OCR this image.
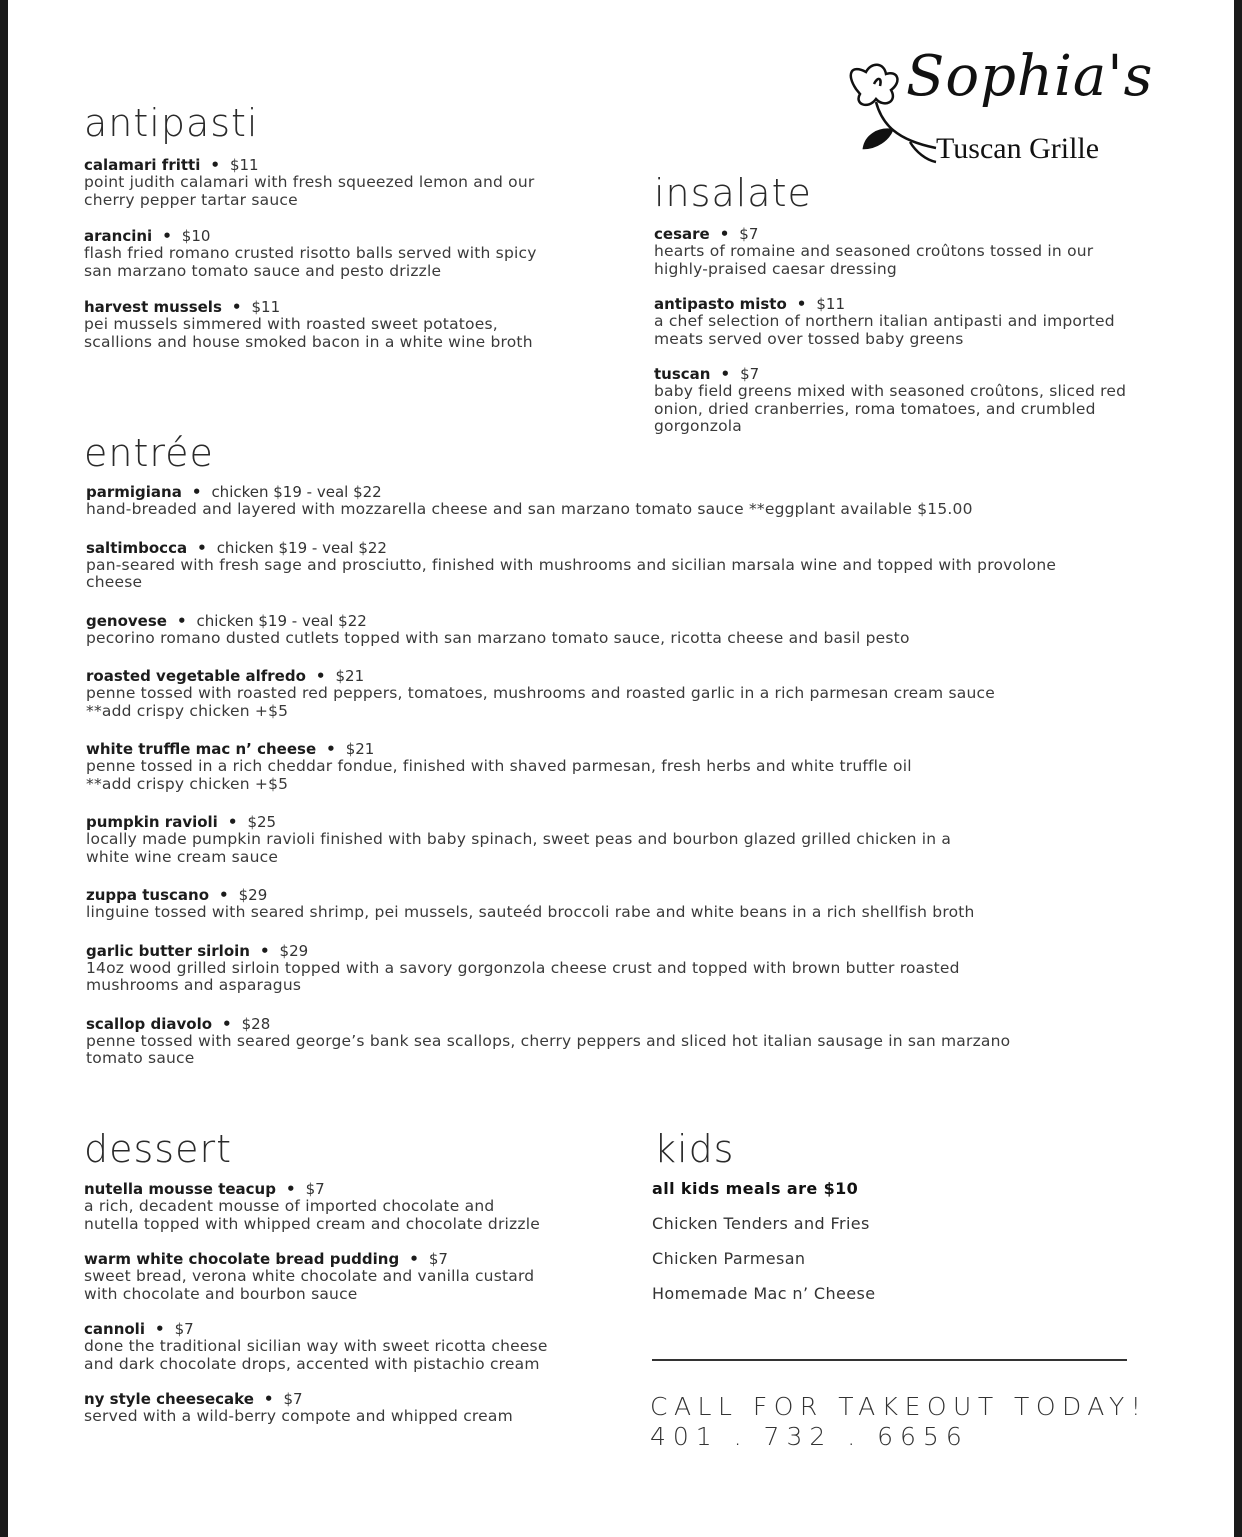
Sophia's
Tuscan Grille
antipasti
calamari fritti • $11
point judith calamari with fresh squeezed lemon and our
cherry pepper tartar sauce
arancini • $10
flash fried romano crusted risotto balls served with spicy
san marzano tomato sauce and pesto drizzle
harvest mussels • $11
pei mussels simmered with roasted sweet potatoes,
scallions and house smoked bacon in a white wine broth
insalate
cesare • $7
hearts of romaine and seasoned croûtons tossed in our
highly-praised caesar dressing
antipasto misto • $11
a chef selection of northern italian antipasti and imported
meats served over tossed baby greens
tuscan • $7
baby field greens mixed with seasoned croûtons, sliced red
onion, dried cranberries, roma tomatoes, and crumbled
gorgonzola
entrée
parmigiana • chicken $19 - veal $22
hand-breaded and layered with mozzarella cheese and san marzano tomato sauce **eggplant available $15.00
saltimbocca • chicken $19 - veal $22
pan-seared with fresh sage and prosciutto, finished with mushrooms and sicilian marsala wine and topped with provolone
cheese
genovese • chicken $19 - veal $22
pecorino romano dusted cutlets topped with san marzano tomato sauce, ricotta cheese and basil pesto
roasted vegetable alfredo • $21
penne tossed with roasted red peppers, tomatoes, mushrooms and roasted garlic in a rich parmesan cream sauce
**add crispy chicken +$5
white truffle mac n’ cheese • $21
penne tossed in a rich cheddar fondue, finished with shaved parmesan, fresh herbs and white truffle oil
**add crispy chicken +$5
pumpkin ravioli • $25
locally made pumpkin ravioli finished with baby spinach, sweet peas and bourbon glazed grilled chicken in a
white wine cream sauce
zuppa tuscano • $29
linguine tossed with seared shrimp, pei mussels, sauteéd broccoli rabe and white beans in a rich shellfish broth
garlic butter sirloin • $29
14oz wood grilled sirloin topped with a savory gorgonzola cheese crust and topped with brown butter roasted
mushrooms and asparagus
scallop diavolo • $28
penne tossed with seared george’s bank sea scallops, cherry peppers and sliced hot italian sausage in san marzano
tomato sauce
dessert
nutella mousse teacup • $7
a rich, decadent mousse of imported chocolate and
nutella topped with whipped cream and chocolate drizzle
warm white chocolate bread pudding • $7
sweet bread, verona white chocolate and vanilla custard
with chocolate and bourbon sauce
cannoli • $7
done the traditional sicilian way with sweet ricotta cheese
and dark chocolate drops, accented with pistachio cream
ny style cheesecake • $7
served with a wild-berry compote and whipped cream
kids
all kids meals are $10
Chicken Tenders and Fries
Chicken Parmesan
Homemade Mac n’ Cheese
CALL FOR TAKEOUT TODAY!
401 . 732 . 6656
